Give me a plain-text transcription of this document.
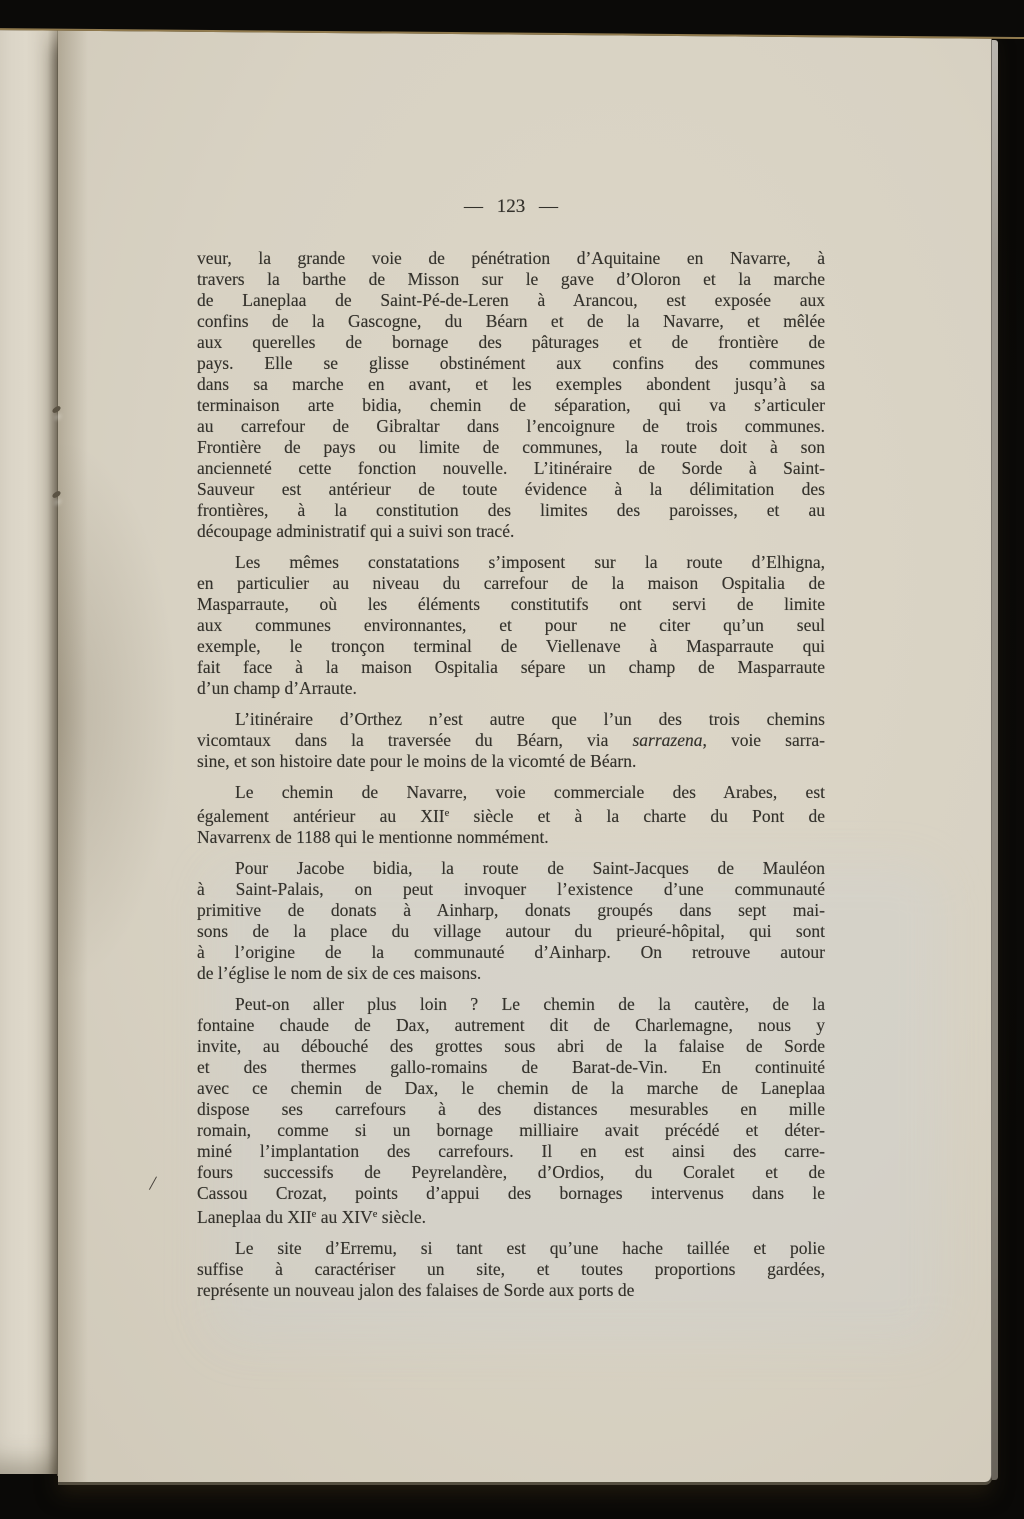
— 123 —
veur, la grande voie de pénétration d’Aquitaine en Navarre, à
travers la barthe de Misson sur le gave d’Oloron et la marche
de Laneplaa de Saint-Pé-de-Leren à Arancou, est exposée aux
confins de la Gascogne, du Béarn et de la Navarre, et mêlée
aux querelles de bornage des pâturages et de frontière de
pays. Elle se glisse obstinément aux confins des communes
dans sa marche en avant, et les exemples abondent jusqu’à sa
terminaison arte bidia, chemin de séparation, qui va s’articuler
au carrefour de Gibraltar dans l’encoignure de trois communes.
Frontière de pays ou limite de communes, la route doit à son
ancienneté cette fonction nouvelle. L’itinéraire de Sorde à Saint-
Sauveur est antérieur de toute évidence à la délimitation des
frontières, à la constitution des limites des paroisses, et au
découpage administratif qui a suivi son tracé.
Les mêmes constatations s’imposent sur la route d’Elhigna,
en particulier au niveau du carrefour de la maison Ospitalia de
Masparraute, où les éléments constitutifs ont servi de limite
aux communes environnantes, et pour ne citer qu’un seul
exemple, le tronçon terminal de Viellenave à Masparraute qui
fait face à la maison Ospitalia sépare un champ de Masparraute
d’un champ d’Arraute.
L’itinéraire d’Orthez n’est autre que l’un des trois chemins
vicomtaux dans la traversée du Béarn, via sarrazena, voie sarra-
sine, et son histoire date pour le moins de la vicomté de Béarn.
Le chemin de Navarre, voie commerciale des Arabes, est
également antérieur au XIIe siècle et à la charte du Pont de
Navarrenx de 1188 qui le mentionne nommément.
Pour Jacobe bidia, la route de Saint-Jacques de Mauléon
à Saint-Palais, on peut invoquer l’existence d’une communauté
primitive de donats à Ainharp, donats groupés dans sept mai-
sons de la place du village autour du prieuré-hôpital, qui sont
à l’origine de la communauté d’Ainharp. On retrouve autour
de l’église le nom de six de ces maisons.
Peut-on aller plus loin ? Le chemin de la cautère, de la
fontaine chaude de Dax, autrement dit de Charlemagne, nous y
invite, au débouché des grottes sous abri de la falaise de Sorde
et des thermes gallo-romains de Barat-de-Vin. En continuité
avec ce chemin de Dax, le chemin de la marche de Laneplaa
dispose ses carrefours à des distances mesurables en mille
romain, comme si un bornage milliaire avait précédé et déter-
miné l’implantation des carrefours. Il en est ainsi des carre-
fours successifs de Peyrelandère, d’Ordios, du Coralet et de
Cassou Crozat, points d’appui des bornages intervenus dans le
Laneplaa du XIIe au XIVe siècle.
Le site d’Erremu, si tant est qu’une hache taillée et polie
suffise à caractériser un site, et toutes proportions gardées,
représente un nouveau jalon des falaises de Sorde aux ports de
/
